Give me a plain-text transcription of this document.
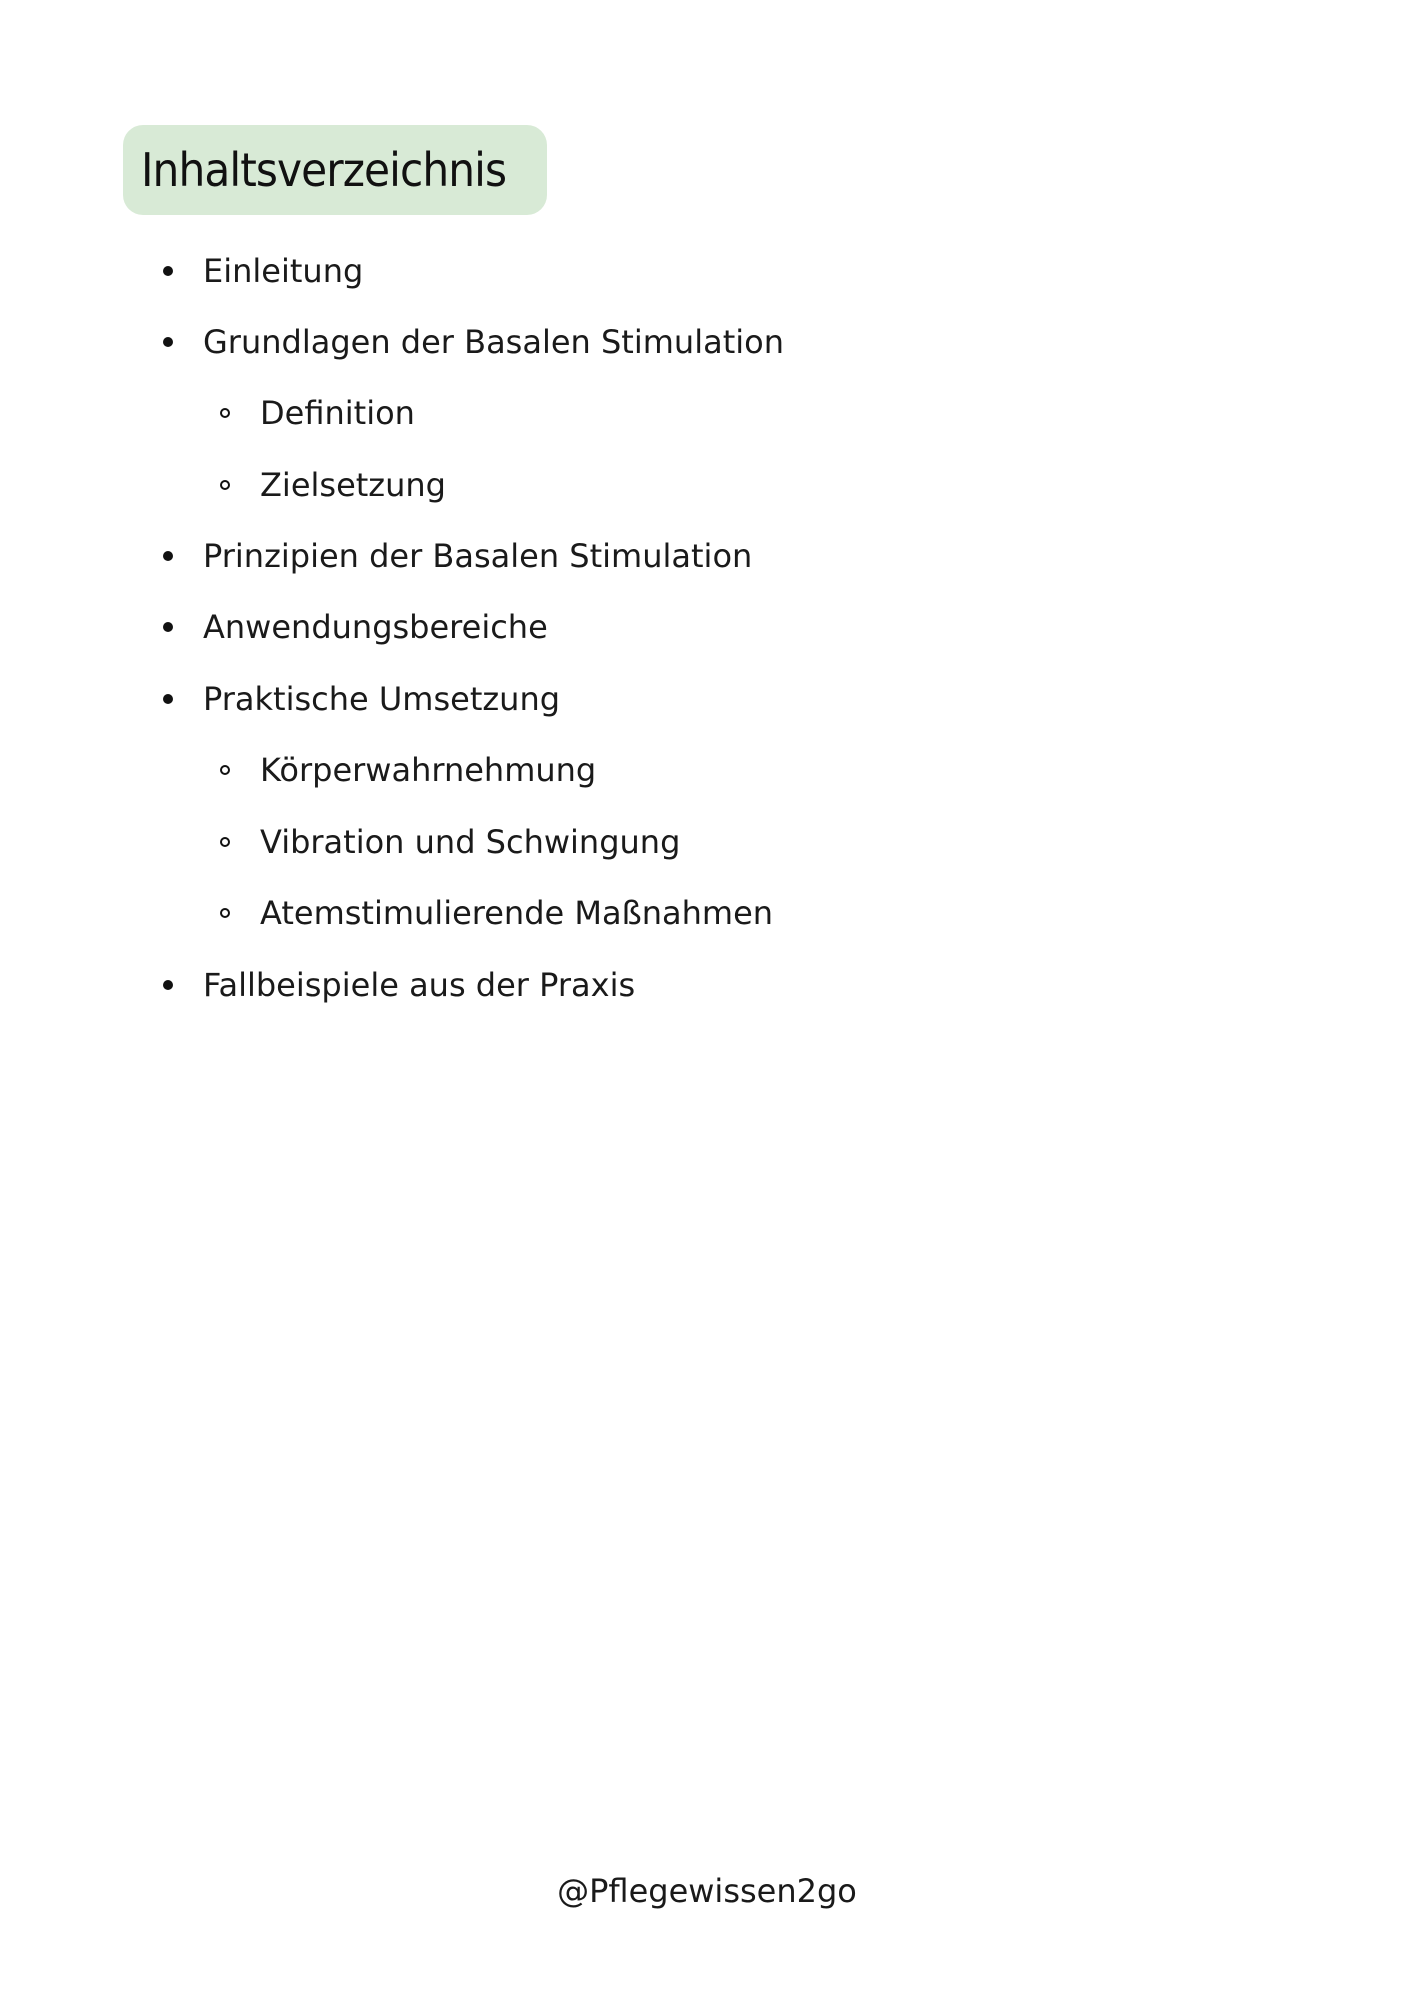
Inhaltsverzeichnis
Einleitung
Grundlagen der Basalen Stimulation
Definition
Zielsetzung
Prinzipien der Basalen Stimulation
Anwendungsbereiche
Praktische Umsetzung
Körperwahrnehmung
Vibration und Schwingung
Atemstimulierende Maßnahmen
Fallbeispiele aus der Praxis
@Pflegewissen2go
